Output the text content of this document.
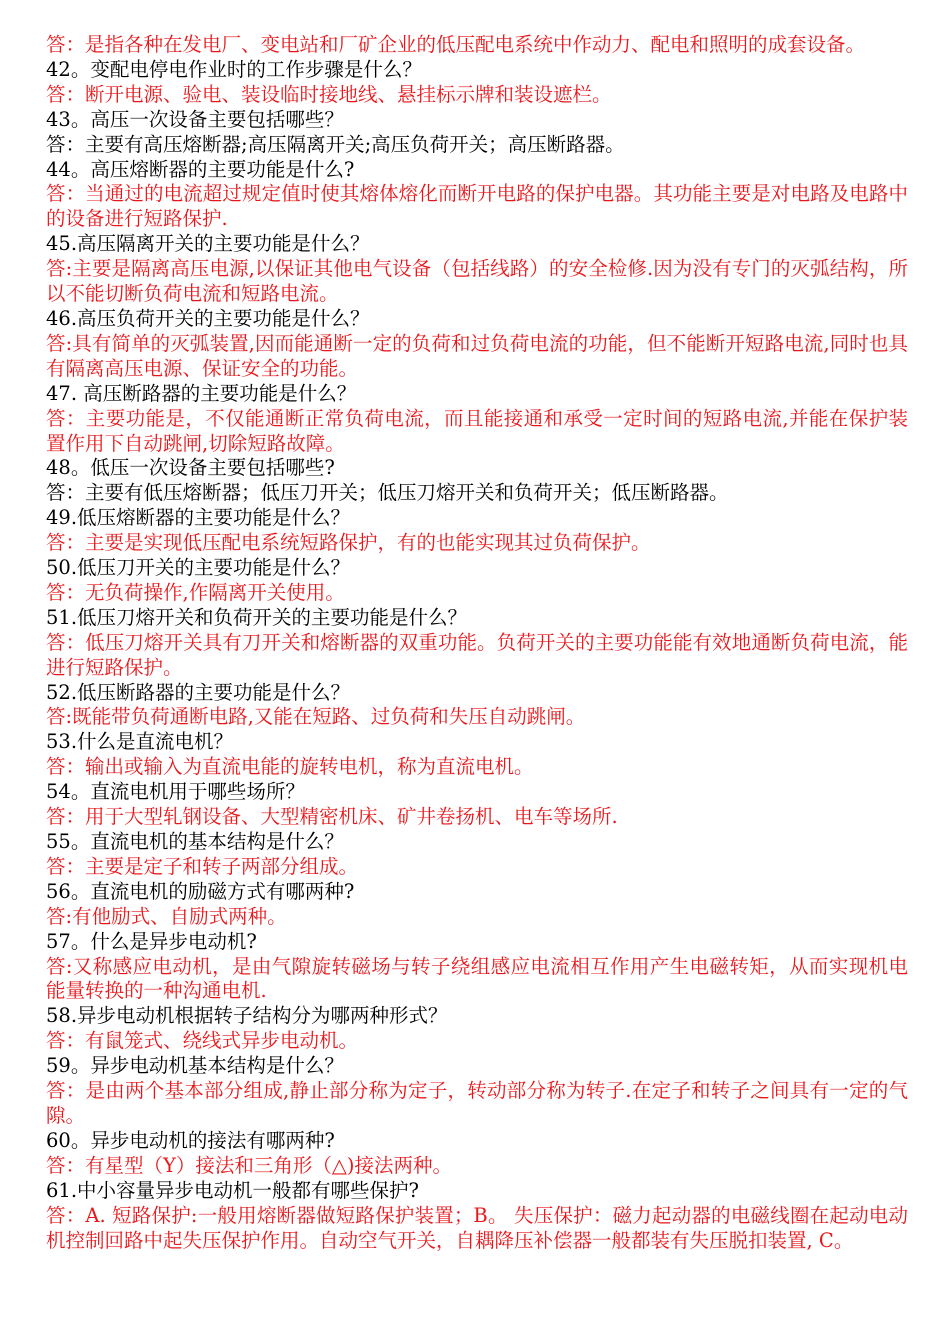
答：是指各种在发电厂、变电站和厂矿企业的低压配电系统中作动力、配电和照明的成套设备。

42。变配电停电作业时的工作步骤是什么？

答：断开电源、验电、装设临时接地线、悬挂标示牌和装设遮栏。

43。高压一次设备主要包括哪些？

答：主要有高压熔断器;高压隔离开关;高压负荷开关；高压断路器。

44。高压熔断器的主要功能是什么?

答：当通过的电流超过规定值时使其熔体熔化而断开电路的保护电器。其功能主要是对电路及电路中的设备进行短路保护.

45.高压隔离开关的主要功能是什么？

答:主要是隔离高压电源,以保证其他电气设备（包括线路）的安全检修.因为没有专门的灭弧结构，所以不能切断负荷电流和短路电流。

46.高压负荷开关的主要功能是什么？

答:具有简单的灭弧装置,因而能通断一定的负荷和过负荷电流的功能，但不能断开短路电流,同时也具有隔离高压电源、保证安全的功能。

47. 高压断路器的主要功能是什么？

答：主要功能是，不仅能通断正常负荷电流，而且能接通和承受一定时间的短路电流,并能在保护装置作用下自动跳闸,切除短路故障。

48。低压一次设备主要包括哪些?

答：主要有低压熔断器；低压刀开关；低压刀熔开关和负荷开关；低压断路器。

49.低压熔断器的主要功能是什么？

答：主要是实现低压配电系统短路保护，有的也能实现其过负荷保护。

50.低压刀开关的主要功能是什么？

答：无负荷操作,作隔离开关使用。

51.低压刀熔开关和负荷开关的主要功能是什么？

答：低压刀熔开关具有刀开关和熔断器的双重功能。负荷开关的主要功能能有效地通断负荷电流，能进行短路保护。

52.低压断路器的主要功能是什么？

答:既能带负荷通断电路,又能在短路、过负荷和失压自动跳闸。

53.什么是直流电机？

答：输出或输入为直流电能的旋转电机，称为直流电机。

54。直流电机用于哪些场所？

答：用于大型轧钢设备、大型精密机床、矿井卷扬机、电车等场所.

55。直流电机的基本结构是什么？

答：主要是定子和转子两部分组成。

56。直流电机的励磁方式有哪两种?

答:有他励式、自励式两种。

57。什么是异步电动机?

答:又称感应电动机，是由气隙旋转磁场与转子绕组感应电流相互作用产生电磁转矩，从而实现机电能量转换的一种沟通电机.

58.异步电动机根据转子结构分为哪两种形式？

答：有鼠笼式、绕线式异步电动机。

59。异步电动机基本结构是什么？

答：是由两个基本部分组成,静止部分称为定子，转动部分称为转子.在定子和转子之间具有一定的气隙。

60。异步电动机的接法有哪两种?

答：有星型（Y）接法和三角形（△)接法两种。

61.中小容量异步电动机一般都有哪些保护?

答：A. 短路保护:一般用熔断器做短路保护装置；B。 失压保护：磁力起动器的电磁线圈在起动电动机控制回路中起失压保护作用。自动空气开关，自耦降压补偿器一般都装有失压脱扣装置, C。
